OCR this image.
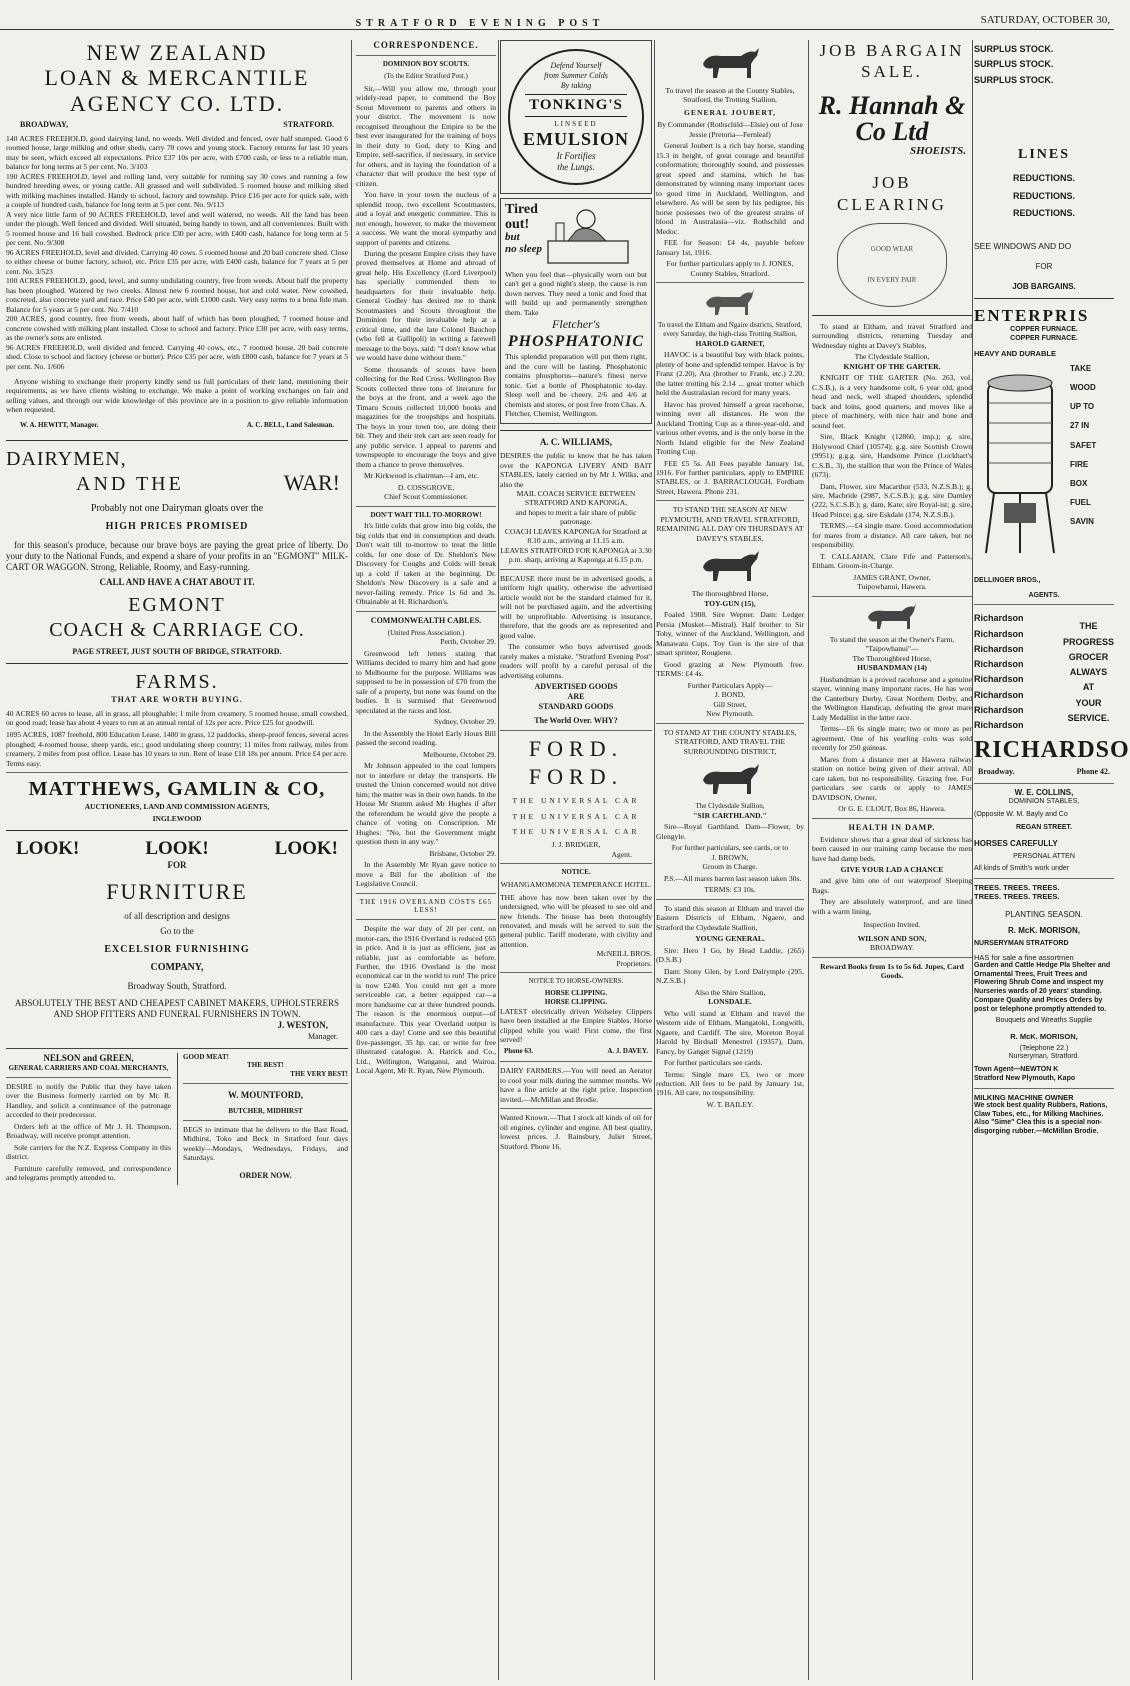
STRATFORD EVENING POST	SATURDAY, OCTOBER 30,
NEW ZEALAND
LOAN & MERCANTILE
AGENCY CO. LTD.
BROADWAY,	STRATFORD.
140 ACRES FREEHOLD, good dairying land, no weeds. Well divided and fenced, over half stumped. Good 6 roomed house, large milking and other sheds, carry 70 cows and young stock. Factory returns for last 10 years may be seen, which exceed all expectations. Price £37 10s per acre, with £700 cash, or less to a reliable man, balance for long terms at 5 per cent. No. 3/103
190 ACRES FREEHOLD, level and rolling land, very suitable for running say 30 cows and running a few hundred breeding ewes, or young cattle. All grassed and well subdivided. 5 roomed house and milking shed with milking machines installed. Handy to school, factory and township. Price £16 per acre for quick sale, with a couple of hundred cash, balance for long term at 5 per cent. No. 9/113
A very nice little farm of 90 ACRES FREEHOLD, level and well watered, no weeds. All the land has been under the plough. Well fenced and divided. Well situated, being handy to town, and all conveniences. Built with 5 roomed house and 16 bail cowshed. Bedrock price £30 per acre, with £400 cash, balance for long term at 5 per cent. No. 9/308
96 ACRES FREEHOLD, level and divided. Carrying 40 cows. 5 roomed house and 20 bail concrete shed. Close to either cheese or butter factory, school, etc. Price £35 per acre, with £400 cash, balance for 7 years at 5 per cent. No. 3/523
100 ACRES FREEHOLD, good, level, and sunny undulating country, free from weeds. About half the property has been ploughed. Watered by two creeks. Almost new 6 roomed house, hot and cold water. New cowshed, concreted, also concrete yard and race. Price £40 per acre, with £1000 cash. Very easy terms to a bona fide man. Balance for 5 years at 5 per cent. No. 7/410
200 ACRES, good country, free from weeds, about half of which has been ploughed, 7 roomed house and concrete cowshed with milking plant installed. Close to school and factory. Price £30 per acre, with easy terms, as the owner's sons are enlisted.
96 ACRES FREEHOLD, well divided and fenced. Carrying 40 cows, etc., 7 roomed house, 20 bail concrete shed. Close to school and factory (cheese or butter). Price £35 per acre, with £800 cash, balance for 7 years at 5 per cent. No. 1/606
Anyone wishing to exchange their property kindly send us full particulars of their land, mentioning their requirements, as we have clients wishing to exchange. We make a point of working exchanges on fair and selling values, and through our wide knowledge of this province are in a position to give reliable information when requested.
W. A. HEWITT, Manager.	A. C. BELL, Land Salesman.
DAIRYMEN,
AND THE	WAR!
Probably not one Dairyman gloats over the
HIGH PRICES PROMISED
for this season's produce, because our brave boys are paying the great price of liberty. Do your duty to the National Funds, and expend a share of your profits in an "EGMONT" MILK-CART OR WAGGON. Strong, Reliable, Roomy, and Easy-running.
CALL AND HAVE A CHAT ABOUT IT.
EGMONT
COACH & CARRIAGE CO.
PAGE STREET, JUST SOUTH OF BRIDGE, STRATFORD.
FARMS.
THAT ARE WORTH BUYING.
40 ACRES 60 acres to lease, all in grass, all ploughable; 1 mile from creamery. 5 roomed house, small cowshed, on good road; lease has about 4 years to run at an annual rental of 12s per acre. Price £25 for goodwill.
1095 ACRES, 1087 freehold, 800 Education Lease, 1400 in grass, 12 paddocks, sheep-proof fences, several acres ploughed; 4-roomed house, sheep yards, etc.; good undulating sheep country; 11 miles from railway, miles from creamery, 2 miles from post office. Lease has 10 years to run. Rent of lease £18 18s per annum. Price £4 per acre. Terms easy.
MATTHEWS, GAMLIN & CO,
AUCTIONEERS, LAND AND COMMISSION AGENTS,
INGLEWOOD
LOOK!	LOOK!	LOOK!
FOR
FURNITURE
of all description and designs
Go to the
EXCELSIOR FURNISHING
COMPANY,
Broadway South, Stratford.
ABSOLUTELY THE BEST AND CHEAPEST CABINET MAKERS, UPHOLSTERERS AND SHOP FITTERS AND FUNERAL FURNISHERS IN TOWN.
J. WESTON,
Manager.
NELSON and GREEN,
GENERAL CARRIERS AND COAL MERCHANTS,
DESIRE to notify the Public that they have taken over the Business formerly carried on by Mr. R. Handley, and solicit a continuance of the patronage accorded to their predecessor.
Orders left at the office of Mr J. H. Thompson, Broadway, will receive prompt attention.
Sole carriers for the N.Z. Express Company in this district.
Furniture carefully removed, and correspondence and telegrams promptly attended to.
GOOD MEAT!
THE BEST!
THE VERY BEST!
W. MOUNTFORD,
BUTCHER, MIDHIRST
BEGS to intimate that he delivers to the Bast Road, Midhirst, Toko and Beck in Stratford four days weekly—Mondays, Wednesdays, Fridays, and Saturdays.
ORDER NOW.
CORRESPONDENCE.
DOMINION BOY SCOUTS.
(To the Editor Stratford Post.)
Sir,—Will you allow me, through your widely-read paper, to commend the Boy Scout Movement to parents and others in your district. The movement is now recognised throughout the Empire to be the best ever inaugurated for the training of boys in their duty to God, duty to King and Empire, self-sacrifice, if necessary, in service for others, and in laying the foundation of a character that will produce the best type of citizen.
You have in your town the nucleus of a splendid troop, two excellent Scoutmasters, and a loyal and energetic committee. This is not enough, however, to make the movement a success. We want the moral sympathy and support of parents and citizens.
During the present Empire crisis they have proved themselves at Home and abroad of great help. His Excellency (Lord Liverpool) has specially commended them to headquarters for their invaluable help. General Godley has desired me to thank Scoutmasters and Scouts throughout the Dominion for their invaluable help at a critical time, and the late Colonel Bauchop (who fell at Gallipoli) in writing a farewell message to the boys, said: "I don't know what we would have done without them."
Some thousands of scouts have been collecting for the Red Cross. Wellington Boy Scouts collected three tons of literature for the boys at the front, and a week ago the Timaru Scouts collected 10,000 books and magazines for the troopships and hospitals. The boys in your town too, are doing their bit. They and their trek cart are seen ready for any public service. I appeal to parents and townspeople to encourage the boys and give them a chance to prove themselves.
Mr Kirkwood is chairman—I am, etc.
D. COSSGROVE,
Chief Scout Commissioner.
DON'T WAIT TILL TO-MORROW!
It's little colds that grow into big colds, the big colds that end in consumption and death. Don't wait till to-morrow to treat the little colds, for one dose of Dr. Sheldon's New Discovery for Coughs and Colds will break up a cold if taken at the beginning. Dr. Sheldon's New Discovery is a safe and a never-failing remedy. Price 1s 6d and 3s. Obtainable at H. Richardson's.
COMMONWEALTH CABLES.
(United Press Association.)
Perth, October 29.
Greenwood left letters stating that Williams decided to marry him and had gone to Melbourne for the purpose. Williams was supposed to be in possession of £70 from the sale of a property, but none was found on the bodies. It is surmised that Greenwood speculated at the races and lost.
Sydney, October 29.
In the Assembly the Hotel Early Hours Bill passed the second reading.
Melbourne, October 29.
Mr Johnson appealed to the coal lumpers not to interfere or delay the transports. He trusted the Union concerned would not drive him; the matter was in their own hands. In the House Mr Stumm asked Mr Hughes if after the referendum he would give the people a chance of voting on Conscription. Mr Hughes: "No, but the Government might question them in any way."
Brisbane, October 29.
In the Assembly Mr Ryan gave notice to move a Bill for the abolition of the Legislative Council.
THE 1916 OVERLAND COSTS £65 LESS!
Despite the war duty of 20 per cent. on motor-cars, the 1916 Overland is reduced £65 in price. And it is just as efficient, just as reliable, just as comfortable as before. Further, the 1916 Overland is the most economical car in the world to run! The price is now £240. You could not get a more serviceable car, a better equipped car—a more handsome car at three hundred pounds. The reason is the enormous output—of manufacture. This year Overland output is 400 cars a day! Come and see this beautiful five-passenger, 35 hp. car, or write for free illustrated catalogue. A. Hatrick and Co., Ltd., Wellington, Wanganui, and Wairoa. Local Agent, Mr R. Ryan, New Plymouth.
Defend Yourself
from Summer Colds
By taking
TONKING'S
LINSEED
EMULSION
It Fortifies
the Lungs.
Tired
out!
but
no sleep
When you feel that—physically worn out but can't get a good night's sleep, the cause is run down nerves. They need a tonic and food that will build up and permanently strengthen them. Take
Fletcher's
PHOSPHATONIC
This splendid preparation will put them right, and the cure will be lasting. Phosphatonic contains phosphorus—nature's finest nerve tonic. Get a bottle of Phosphatonic to-day. Sleep well and be cheery. 2/6 and 4/6 at chemists and stores, or post free from Chas. A. Fletcher, Chemist, Wellington.
A. C. WILLIAMS,
DESIRES the public to know that he has taken over the KAPONGA LIVERY AND BAIT STABLES, lately carried on by Mr J. Wilks, and also the
MAIL COACH SERVICE BETWEEN STRATFORD AND KAPONGA,
and hopes to merit a fair share of public patronage.
COACH LEAVES KAPONGA for Stratford at 8.10 a.m., arriving at 11.15 a.m.
LEAVES STRATFORD FOR KAPONGA at 3.30 p.m. sharp, arriving at Kaponga at 6.15 p.m.
BECAUSE there must be in advertised goods, a uniform high quality, otherwise the advertised article would not be the standard claimed for it, will not be purchased again, and the advertising will be unprofitable. Advertising is insurance, therefore, that the goods are as represented and good value.
The consumer who buys advertised goods rarely makes a mistake. "Stratford Evening Post" readers will profit by a careful perusal of the advertising columns.
ADVERTISED GOODS
ARE
STANDARD GOODS
The World Over. WHY?
FORD.
FORD.
THE UNIVERSAL CAR
THE UNIVERSAL CAR
THE UNIVERSAL CAR
J. J. BRIDGER,
Agent.
NOTICE.
WHANGAMOMONA TEMPERANCE HOTEL.
THE above has now been taken over by the undersigned, who will be pleased to see old and new friends. The house has been thoroughly renovated, and meals will be served to suit the general public. Tariff moderate, with civility and attention.
McNEILL BROS.
Proprietors.
NOTICE TO HORSE-OWNERS.
HORSE CLIPPING.
HORSE CLIPPING.
LATEST electrically driven Wolseley Clippers have been installed at the Empire Stables. Horse clipped while you wait! First come, the first served!
Phone 63.	A. J. DAVEY.
DAIRY FARMERS.—You will need an Aerator to cool your milk during the summer months. We have a fine article at the right price. Inspection invited.—McMillan and Brodie.
Wanted Known.—That I stock all kinds of oil for oil engines, cylinder and engine. All best quality, lowest prices. J. Rainsbury, Juliet Street, Stratford. Phone 16.
To travel the season at the County Stables, Stratford, the Trotting Stallion,
GENERAL JOUBERT,
By Commander (Rothschild—Elsie) out of Jose Jessie (Pretoria—Fernleaf)
General Joubert is a rich bay horse, standing 15.3 in height, of great courage and beautiful conformation; thoroughly sound, and possesses great speed and stamina, which he has demonstrated by winning many important races to good time in Auckland, Wellington, and elsewhere. As will be seen by his pedigree, his horse possesses two of the greatest strains of blood in Australasia—viz. Rothschild and Medoc.
FEE for Season: £4 4s, payable before January 1st, 1916.
For further particulars apply to J. JONES,
County Stables, Stratford.
To travel the Eltham and Ngaire districts, Stratford, every Saturday, the high-class Trotting Stallion,
HAROLD GARNET,
HAVOC is a beautiful bay with black points, plenty of bone and splendid temper. Havoc is by Franz (2.20), Ata (brother to Frank, etc.) 2.20, the latter trotting his 2.14 ... great trotter which held the Australasian record for many years.
Havoc has proved himself a great racehorse, winning over all distances. He won the Auckland Trotting Cup as a three-year-old, and various other events, and is the only horse in the North Island eligible for the New Zealand Trotting Cup.
FEE £5 5s. All Fees payable January 1st, 1916. For further particulars, apply to EMPIRE STABLES, or J. BARRACLOUGH, Fordham Street, Hawera. Phone 231.
TO STAND THE SEASON AT NEW PLYMOUTH, AND TRAVEL STRATFORD, REMAINING ALL DAY ON THURSDAYS AT DAVEY'S STABLES,
The thoroughbred Horse,
TOY-GUN (15),
Foaled 1908. Sire Wepner. Dam: Ledger Persia (Musket—Mistral). Half brother to Sir Toby, winner of the Auckland, Wellington, and Manawatu Cups. Toy Gun is the sire of that smart sprinter, Rougiene.
Good grazing at New Plymouth free. TERMS: £4 4s.
Further Particulars Apply—
J. BOND,
Gill Street,
New Plymouth.
TO STAND AT THE COUNTY STABLES, STRATFORD, AND TRAVEL THE SURROUNDING DISTRICT,
The Clydesdale Stallion,
"SIR CARTHLAND."
Sire—Royal Garthland. Dam—Flower, by Glengyle.
For further particulars, see cards, or to
J. BROWN,
Groom in Charge.
P.S.—All mares barren last season taken 30s.
TERMS: £3 10s.
To stand this season at Eltham and travel the Eastern Districts of Eltham, Ngaere, and Stratford the Clydesdale Stallion,
YOUNG GENERAL.
Sire: Hero I Go, by Head Laddie, (265) (D.S.B.)
Dam: Stony Glen, by Lord Dalrymple (295, N.Z.S.B.)
Also the Shire Stallion,
LONSDALE.
Who will stand at Eltham and travel the Western side of Eltham, Mangatoki, Longwith, Ngaere, and Cardiff. The sire, Moreton Royal Harold by Birdsall Menestrel (19357), Dam, Fancy, by Ganger Signal (1219)
For further particulars see cards.
Terms: Single mare £3, two or more reduction. All fees to be paid by January 1st, 1916. All care, no responsibility.
W. T. BAILEY.
JOB BARGAIN
SALE.
R. Hannah & Co Ltd
SHOEISTS.
JOB
CLEARING
GOOD WEAR
IN EVERY PAIR
To stand at Eltham, and travel Stratford and surrounding districts, returning Tuesday and Wednesday nights at Davey's Stables,
The Clydesdale Stallion,
KNIGHT OF THE GARTER.
KNIGHT OF THE GARTER (No. 263, vol. C.S.B.), is a very handsome colt, 6 year old, good head and neck, well shaped shoulders, splendid back and loins, good quarters, and moves like a piece of machinery, with nice hair and bone and sound feet.
Sire, Black Knight (12860, imp.); g. sire, Holywood Chief (10574); g.g. sire Scottish Crown (9951); g.g.g. sire, Handsome Prince (Lockhart's C.S.B., 3), the stallion that won the Prince of Wales (673).
Dam, Flower, sire Macarthur (533, N.Z.S.B.); g. sire, Macbride (2987, S.C.S.B.); g.g. sire Darnley (222, S.C.S.B.); g. dam, Kate; sire Royal-ist; g. sire, Head Prince; g.g. sire Eskdale (174, N.Z.S.B.).
TERMS.—£4 single mare. Good accommodation for mares from a distance. All care taken, but no responsibility.
T. CALLAHAN, Clare Fife and Patterson's, Eltham. Groom-in-Charge.
JAMES GRANT, Owner,
Tuipowhanui, Hawera.
To stand the season at the Owner's Farm, "Taipowhanui"—
The Thoroughbred Horse,
HUSBANDMAN (14)
Husbandman is a proved racehorse and a genuine stayer, winning many important races. He has won the Canterbury Derby, Great Northern Derby, and the Wellington Handicap, defeating the great mare Lady Medallist in the latter race.
Terms—£6 6s single mare; two or more as per agreement. One of his yearling colts was sold recently for 250 guineas.
Mares from a distance met at Hawera railway station on notice being given of their arrival. All care taken, but no responsibility. Grazing free. For particulars see cards or apply to JAMES DAVIDSON, Owner,
Or G. E. CLOUT, Box 86, Hawera.
HEALTH IN DAMP.
Evidence shows that a great deal of sickness has been caused in our training camp because the men have had damp beds.
GIVE YOUR LAD A CHANCE
and give him one of our waterproof Sleeping Bags.
They are absolutely waterproof, and are lined with a warm lining.
Inspection Invited.
WILSON AND SON,
BROADWAY.
Reward Books from 1s to 5s 6d. Jupes, Card Goods.
SURPLUS STOCK.
SURPLUS STOCK.
SURPLUS STOCK.
LINES
REDUCTIONS.
REDUCTIONS.
REDUCTIONS.
SEE WINDOWS AND DO
FOR
JOB BARGAINS.
ENTERPRIS
COPPER FURNACE.
COPPER FURNACE.
HEAVY AND DURABLE
TAKE
WOOD
UP TO
27 IN
SAFET
FIRE
BOX
FUEL
SAVIN
DELLINGER BROS.,
AGENTS.
Richardson
Richardson
Richardson
Richardson
Richardson
Richardson
Richardson
Richardson
THE
PROGRESS
GROCER
ALWAYS
AT
YOUR
SERVICE.
RICHARDSO
Broadway.	Phone 42.
W. E. COLLINS,
DOMINION STABLES,
(Opposite W. M. Bayly and Co
REGAN STREET.
HORSES CAREFULLY
PERSONAL ATTEN
All kinds of Smith's work under
TREES. TREES. TREES.
TREES. TREES. TREES.
PLANTING SEASON.
R. McK. MORISON,
NURSERYMAN STRATFORD
HAS for sale a fine assortmen
Garden and Cattle Hedge Pla Shelter and Ornamental Trees, Fruit Trees and Flowering Shrub Come and inspect my Nurseries wards of 20 years' standing. Compare Quality and Prices Orders by post or telephone promptly attended to.
Bouquets and Wreaths Supplie
R. McK. MORISON,
(Telephone 22.)
Nurseryman, Stratford.
Town Agent—NEWTON K
Stratford New Plymouth, Kapo
MILKING MACHINE OWNER
We stock best quality Rubbers, Rations, Claw Tubes, etc., for Milking Machines. Also "Sime" Clea this is a special non-disgorging rubber.—McMillan Brodie.
